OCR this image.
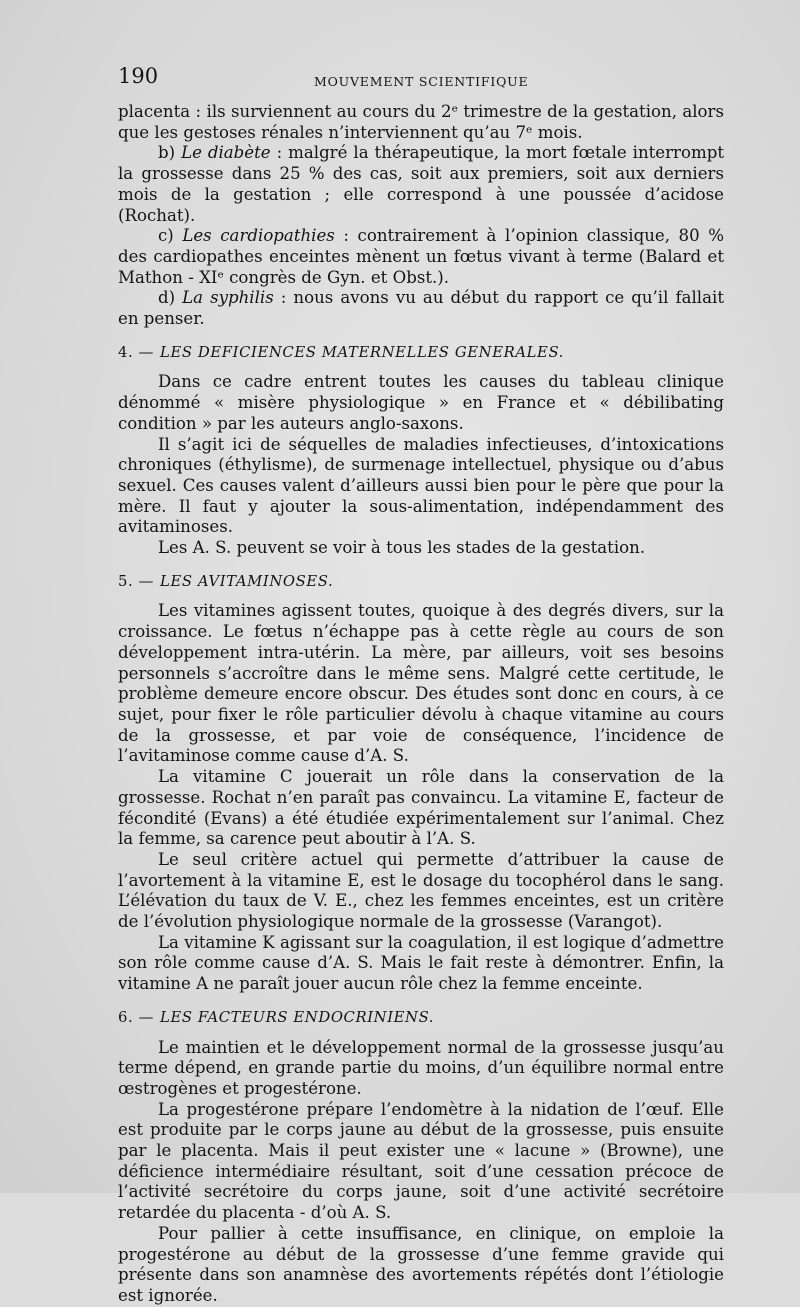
190	MOUVEMENT SCIENTIFIQUE

placenta : ils surviennent au cours du 2ᵉ trimestre de la gestation, alors que les gestoses rénales n’interviennent qu’au 7ᵉ mois.

b) Le diabète : malgré la thérapeutique, la mort fœtale interrompt la grossesse dans 25 % des cas, soit aux premiers, soit aux derniers mois de la gestation ; elle correspond à une poussée d’acidose (Rochat).

c) Les cardiopathies : contrairement à l’opinion classique, 80 % des cardiopathes enceintes mènent un fœtus vivant à terme (Balard et Mathon - XIᵉ congrès de Gyn. et Obst.).

d) La syphilis : nous avons vu au début du rapport ce qu’il fallait en penser.

4. — LES DEFICIENCES MATERNELLES GENERALES.

Dans ce cadre entrent toutes les causes du tableau clinique dénommé « misère physiologique » en France et « débilibating condition » par les auteurs anglo-saxons.

Il s’agit ici de séquelles de maladies infectieuses, d’intoxications chroniques (éthylisme), de surmenage intellectuel, physique ou d’abus sexuel. Ces causes valent d’ailleurs aussi bien pour le père que pour la mère. Il faut y ajouter la sous-alimentation, indépendamment des avitaminoses.

Les A. S. peuvent se voir à tous les stades de la gestation.

5. — LES AVITAMINOSES.

Les vitamines agissent toutes, quoique à des degrés divers, sur la croissance. Le fœtus n’échappe pas à cette règle au cours de son développement intra-utérin. La mère, par ailleurs, voit ses besoins personnels s’accroître dans le même sens. Malgré cette certitude, le problème demeure encore obscur. Des études sont donc en cours, à ce sujet, pour fixer le rôle particulier dévolu à chaque vitamine au cours de la grossesse, et par voie de conséquence, l’incidence de l’avitaminose comme cause d’A. S.

La vitamine C jouerait un rôle dans la conservation de la grossesse. Rochat n’en paraît pas convaincu. La vitamine E, facteur de fécondité (Evans) a été étudiée expérimentalement sur l’animal. Chez la femme, sa carence peut aboutir à l’A. S.

Le seul critère actuel qui permette d’attribuer la cause de l’avortement à la vitamine E, est le dosage du tocophérol dans le sang. L’élévation du taux de V. E., chez les femmes enceintes, est un critère de l’évolution physiologique normale de la grossesse (Varangot).

La vitamine K agissant sur la coagulation, il est logique d’admettre son rôle comme cause d’A. S. Mais le fait reste à démontrer. Enfin, la vitamine A ne paraît jouer aucun rôle chez la femme enceinte.

6. — LES FACTEURS ENDOCRINIENS.

Le maintien et le développement normal de la grossesse jusqu’au terme dépend, en grande partie du moins, d’un équilibre normal entre œstrogènes et progestérone.

La progestérone prépare l’endomètre à la nidation de l’œuf. Elle est produite par le corps jaune au début de la grossesse, puis ensuite par le placenta. Mais il peut exister une « lacune » (Browne), une déficience intermédiaire résultant, soit d’une cessation précoce de l’activité secrétoire du corps jaune, soit d’une activité secrétoire retardée du placenta - d’où A. S.

Pour pallier à cette insuffisance, en clinique, on emploie la progestérone au début de la grossesse d’une femme gravide qui présente dans son anamnèse des avortements répétés dont l’étiologie est ignorée.
